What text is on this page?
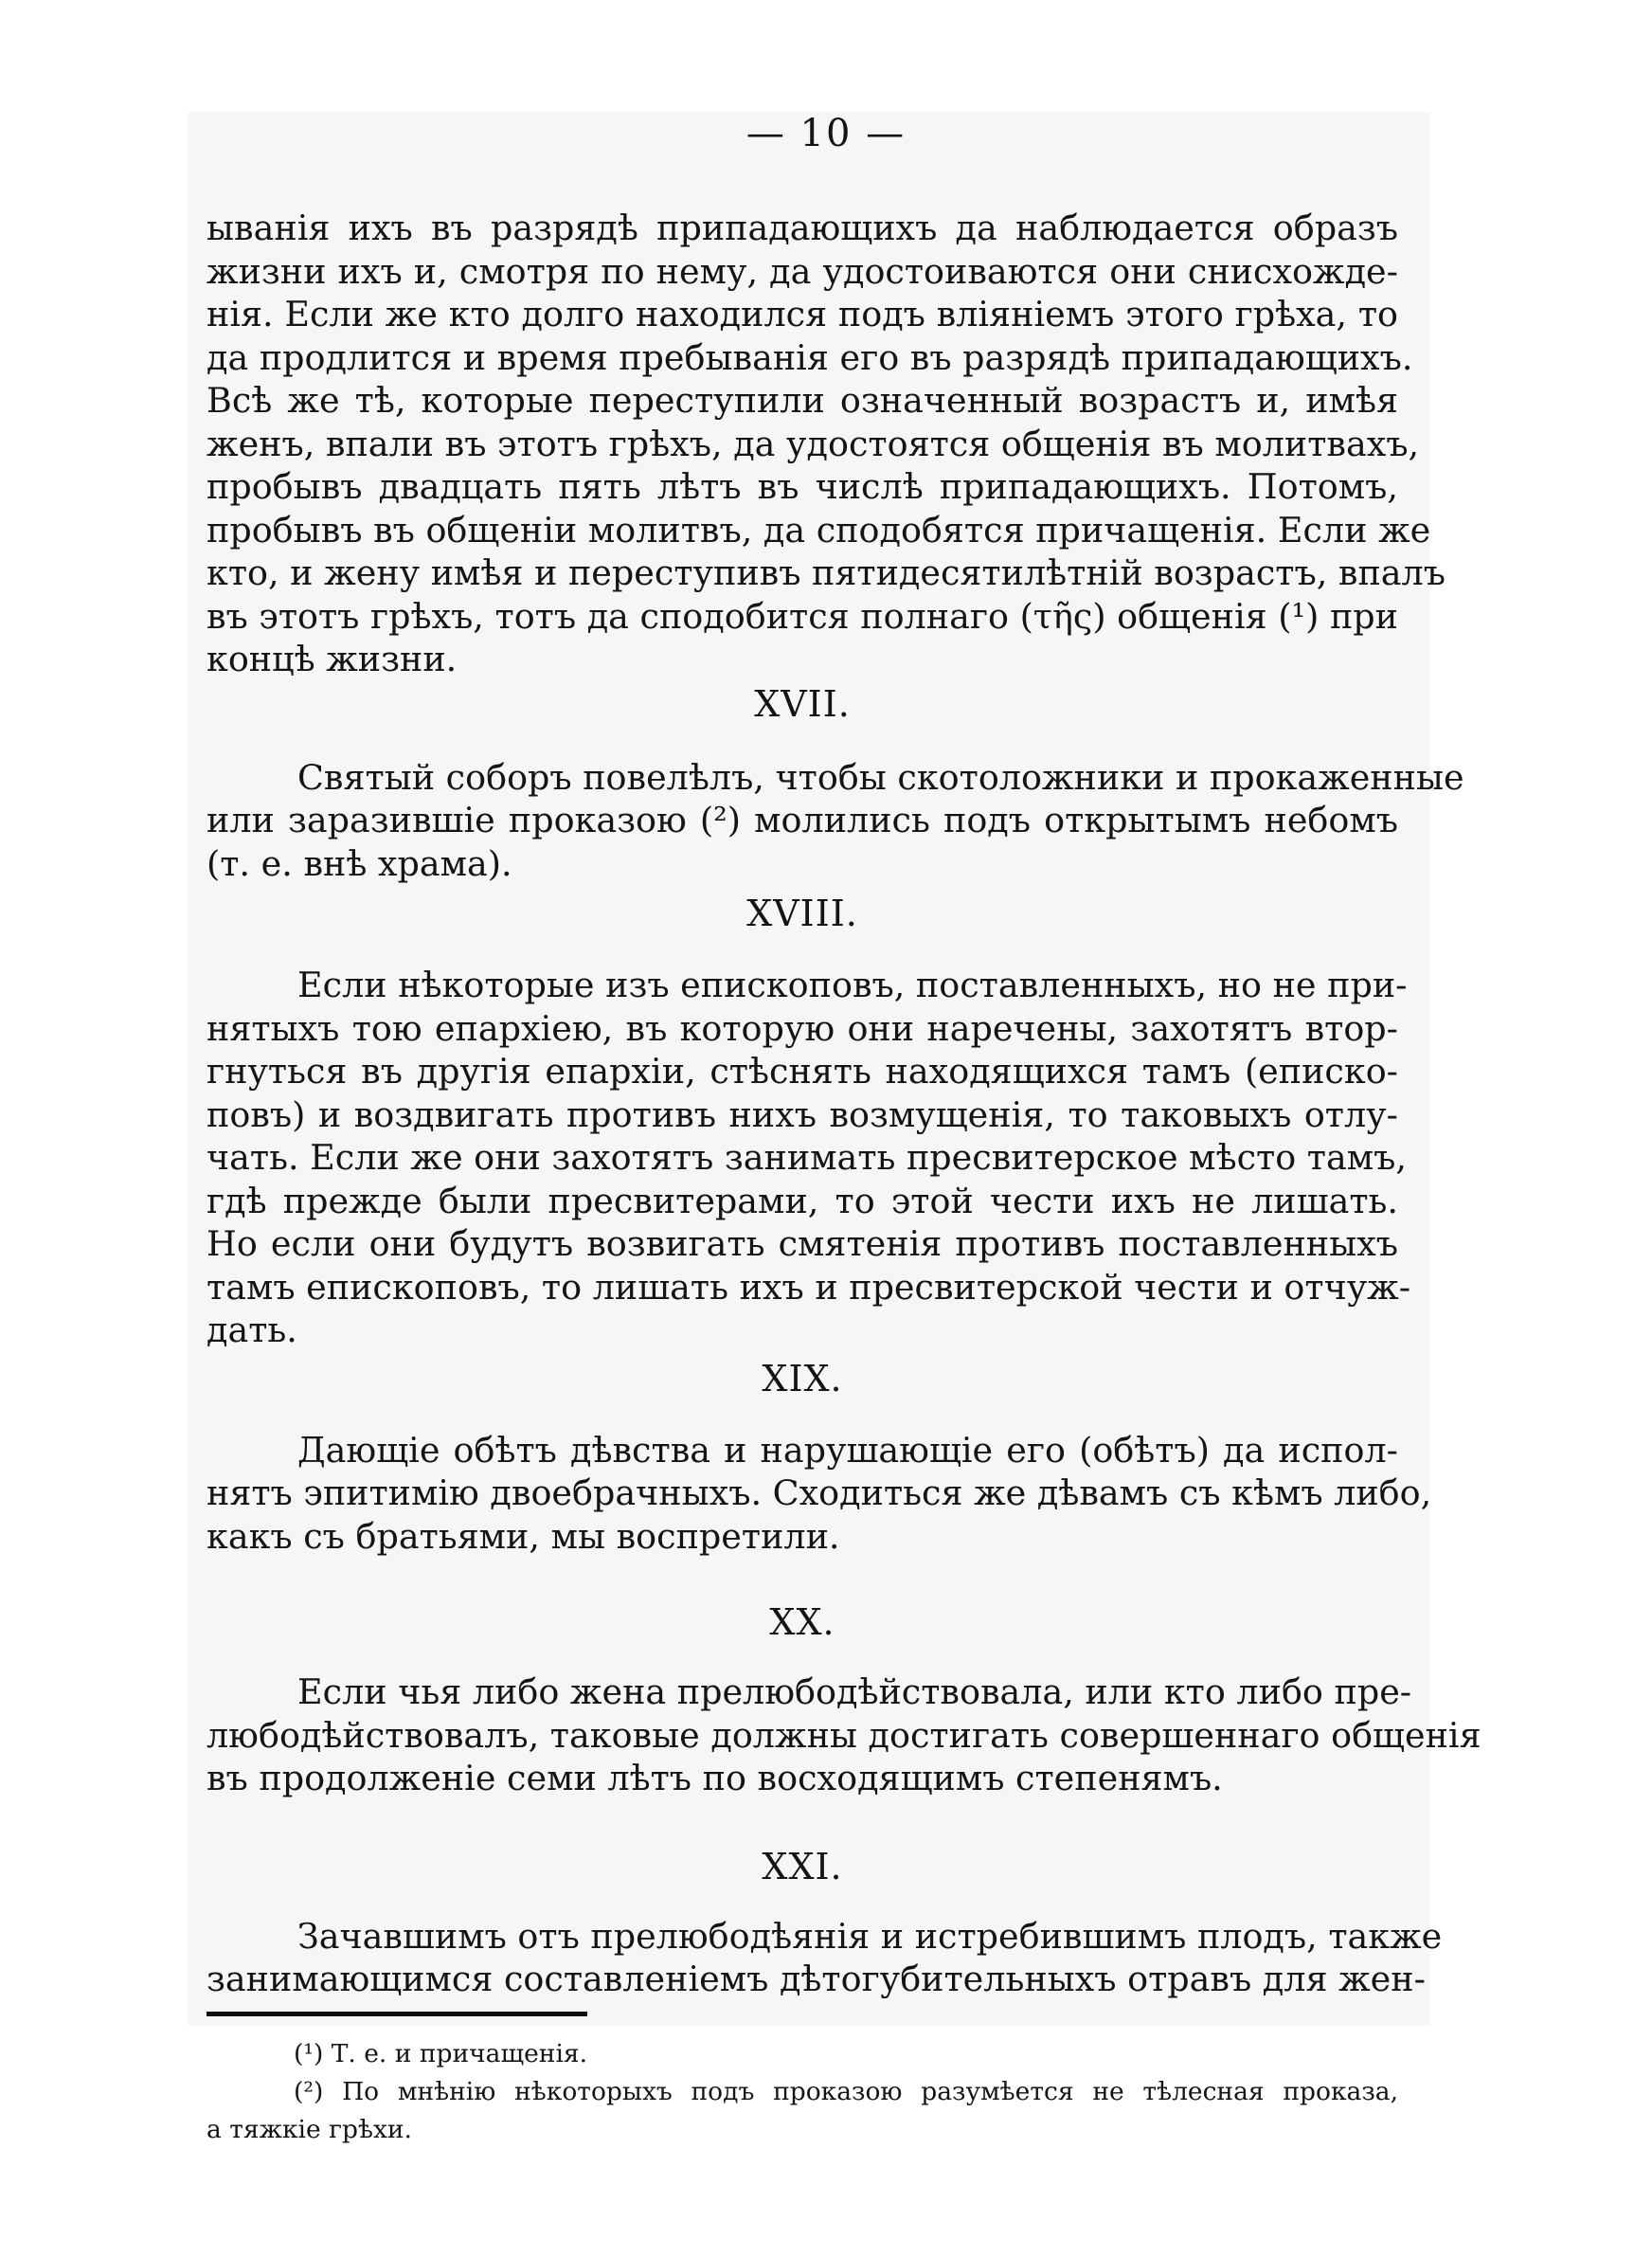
— 10 —
ыванія ихъ въ разрядѣ припадающихъ да наблюдается образъ
жизни ихъ и, смотря по нему, да удостоиваются они снисхожде-
нія. Если же кто долго находился подъ вліяніемъ этого грѣха, то
да продлится и время пребыванія его въ разрядѣ припадающихъ.
Всѣ же тѣ, которые переступили означенный возрастъ и, имѣя
женъ, впали въ этотъ грѣхъ, да удостоятся общенія въ молитвахъ,
пробывъ двадцать пять лѣтъ въ числѣ припадающихъ. Потомъ,
пробывъ въ общеніи молитвъ, да сподобятся причащенія. Если же
кто, и жену имѣя и переступивъ пятидесятилѣтній возрастъ, впалъ
въ этотъ грѣхъ, тотъ да сподобится полнаго (τῆς) общенія (¹) при
концѣ жизни.
XVII.
Святый соборъ повелѣлъ, чтобы скотоложники и прокаженные
или заразившіе проказою (²) молились подъ открытымъ небомъ
(т. е. внѣ храма).
XVIII.
Если нѣкоторые изъ епископовъ, поставленныхъ, но не при-
нятыхъ тою епархіею, въ которую они наречены, захотятъ втор-
гнуться въ другія епархіи, стѣснять находящихся тамъ (еписко-
повъ) и воздвигать противъ нихъ возмущенія, то таковыхъ отлу-
чать. Если же они захотятъ занимать пресвитерское мѣсто тамъ,
гдѣ прежде были преcвитерами, то этой чести ихъ не лишать.
Но если они будутъ возвигать смятенія противъ поставленныхъ
тамъ епископовъ, то лишать ихъ и пресвитерской чести и отчуж-
дать.
XIX.
Дающіе обѣтъ дѣвства и нарушающіе его (обѣтъ) да испол-
нятъ эпитимію двоебрачныхъ. Сходиться же дѣвамъ съ кѣмъ либо,
какъ съ братьями, мы воспретили.
XX.
Если чья либо жена прелюбодѣйствовала, или кто либо пре-
любодѣйствовалъ, таковые должны достигать совершеннаго общенія
въ продолженіе семи лѣтъ по восходящимъ степенямъ.
XXI.
Зачавшимъ отъ прелюбодѣянія и истребившимъ плодъ, также
занимающимся составленіемъ дѣтогубительныхъ отравъ для жен-
(¹) Т. е. и причащенія.
(²) По мнѣнію нѣкоторыхъ подъ проказою разумѣется не тѣлесная проказа,
а тяжкіе грѣхи.
